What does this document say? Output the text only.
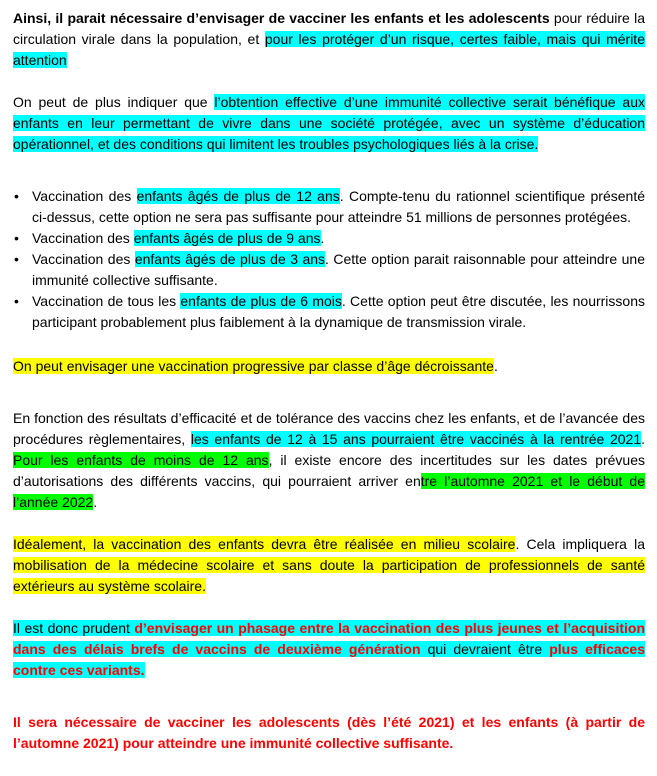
Ainsi, il parait nécessaire d’envisager de vacciner les enfants et les adolescents pour réduire la circulation virale dans la population, et pour les protéger d’un risque, certes faible, mais qui mérite attention

On peut de plus indiquer que l’obtention effective d’une immunité collective serait bénéfique aux enfants en leur permettant de vivre dans une société protégée, avec un système d’éducation opérationnel, et des conditions qui limitent les troubles psychologiques liés à la crise.

• Vaccination des enfants âgés de plus de 12 ans. Compte-tenu du rationnel scientifique présenté ci-dessus, cette option ne sera pas suffisante pour atteindre 51 millions de personnes protégées.
• Vaccination des enfants âgés de plus de 9 ans.
• Vaccination des enfants âgés de plus de 3 ans. Cette option parait raisonnable pour atteindre une immunité collective suffisante.
• Vaccination de tous les enfants de plus de 6 mois. Cette option peut être discutée, les nourrissons participant probablement plus faiblement à la dynamique de transmission virale.

On peut envisager une vaccination progressive par classe d’âge décroissante.

En fonction des résultats d’efficacité et de tolérance des vaccins chez les enfants, et de l’avancée des procédures règlementaires, les enfants de 12 à 15 ans pourraient être vaccinés à la rentrée 2021. Pour les enfants de moins de 12 ans, il existe encore des incertitudes sur les dates prévues d’autorisations des différents vaccins, qui pourraient arriver entre l’automne 2021 et le début de l’année 2022.

Idéalement, la vaccination des enfants devra être réalisée en milieu scolaire. Cela impliquera la mobilisation de la médecine scolaire et sans doute la participation de professionnels de santé extérieurs au système scolaire.

Il est donc prudent d’envisager un phasage entre la vaccination des plus jeunes et l’acquisition dans des délais brefs de vaccins de deuxième génération qui devraient être plus efficaces contre ces variants.

Il sera nécessaire de vacciner les adolescents (dès l’été 2021) et les enfants (à partir de l’automne 2021) pour atteindre une immunité collective suffisante.
